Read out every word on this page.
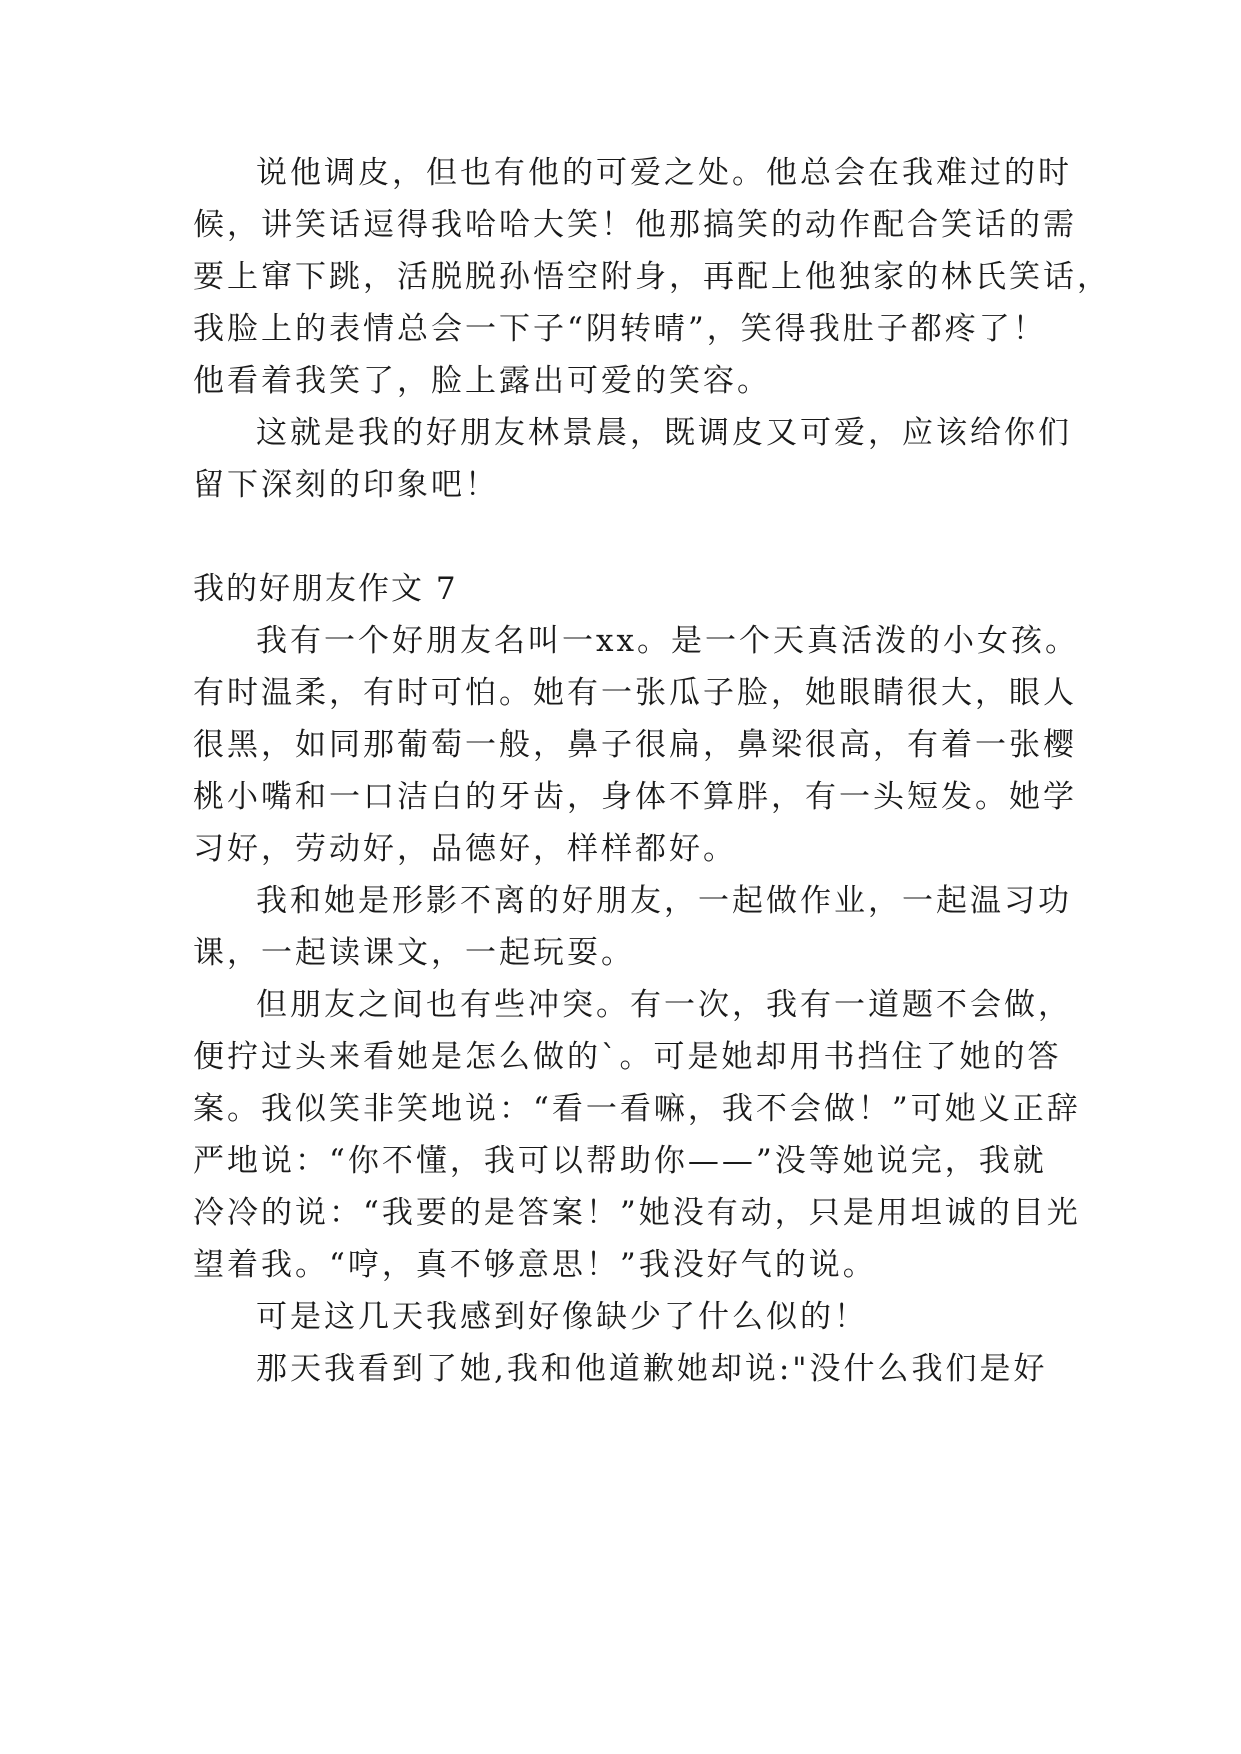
说他调皮，但也有他的可爱之处。他总会在我难过的时
候，讲笑话逗得我哈哈大笑！他那搞笑的动作配合笑话的需
要上窜下跳，活脱脱孙悟空附身，再配上他独家的林氏笑话，
我脸上的表情总会一下子“阴转晴”，笑得我肚子都疼了！
他看着我笑了，脸上露出可爱的笑容。
这就是我的好朋友林景晨，既调皮又可爱，应该给你们
留下深刻的印象吧！
我的好朋友作文 7
我有一个好朋友名叫一xx。是一个天真活泼的小女孩。
有时温柔，有时可怕。她有一张瓜子脸，她眼睛很大，眼人
很黑，如同那葡萄一般，鼻子很扁，鼻梁很高，有着一张樱
桃小嘴和一口洁白的牙齿，身体不算胖，有一头短发。她学
习好，劳动好，品德好，样样都好。
我和她是形影不离的好朋友，一起做作业，一起温习功
课，一起读课文，一起玩耍。
但朋友之间也有些冲突。有一次，我有一道题不会做，
便拧过头来看她是怎么做的`。可是她却用书挡住了她的答
案。我似笑非笑地说：“看一看嘛，我不会做！”可她义正辞
严地说：“你不懂，我可以帮助你——”没等她说完，我就
冷冷的说：“我要的是答案！”她没有动，只是用坦诚的目光
望着我。“哼，真不够意思！”我没好气的说。
可是这几天我感到好像缺少了什么似的！
那天我看到了她,我和他道歉她却说:"没什么我们是好
